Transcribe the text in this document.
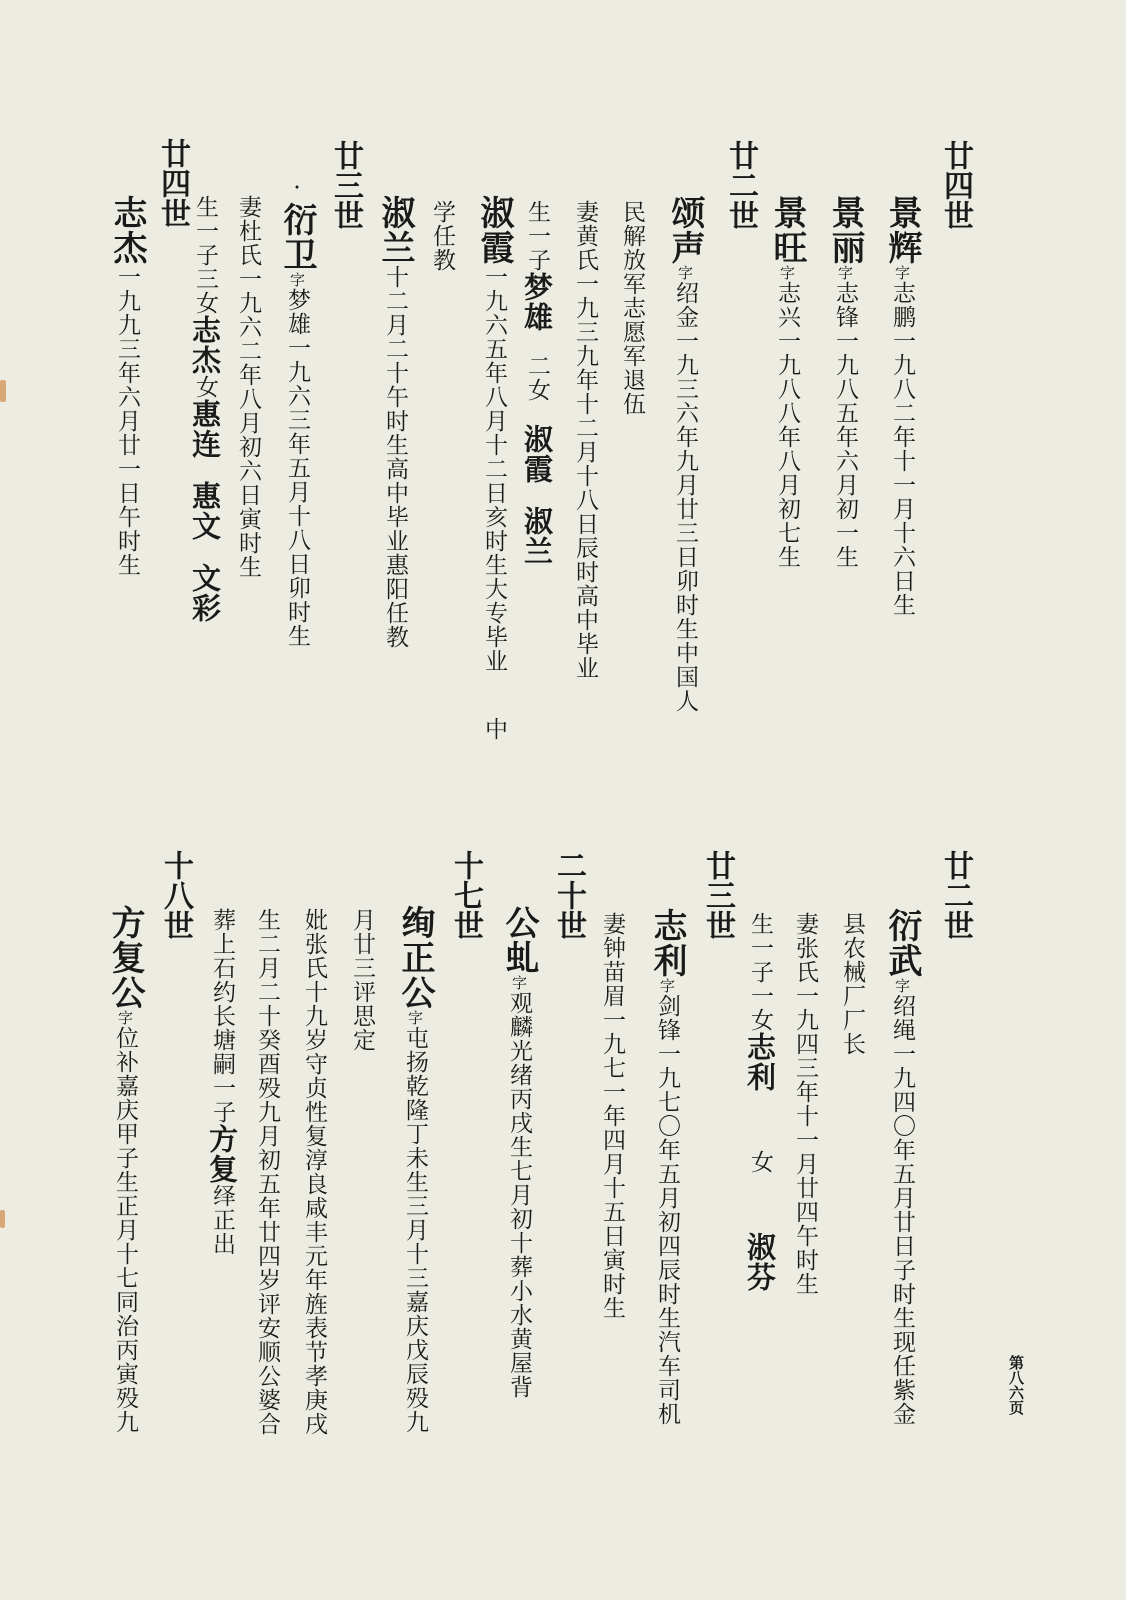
廿四世
景辉字志鹏一九八二年十一月十六日生
景丽字志锋一九八五年六月初一生
景旺字志兴一九八八年八月初七生
廿二世
颂声字绍金一九三六年九月廿三日卯时生中国人
民解放军志愿军退伍
妻黄氏一九三九年十二月十八日辰时高中毕业
生一子梦雄二女淑霞淑兰
淑霞一九六五年八月十二日亥时生大专毕业中
学任教
淑兰十二月二十午时生高中毕业惠阳任教
廿三世
·衍卫字梦雄一九六三年五月十八日卯时生
妻杜氏一九六二年八月初六日寅时生
生一子三女志杰女惠连惠文文彩
廿四世
志杰一九九三年六月廿一日午时生
廿二世
衍武字绍绳一九四〇年五月廿日子时生现任紫金
县农械厂厂长
妻张氏一九四三年十一月廿四午时生
生一子一女志利女淑芬
廿三世
志利字剑锋一九七〇年五月初四辰时生汽车司机
妻钟苗眉一九七一年四月十五日寅时生
二十世
公虬字观麟光绪丙戌生七月初十葬小水黄屋背
十七世
绚正公字屯扬乾隆丁未生三月十三嘉庆戊辰殁九
月廿三评思定
妣张氏十九岁守贞性复淳良咸丰元年旌表节孝庚戌
生二月二十癸酉殁九月初五年廿四岁评安顺公婆合
葬上石约长塘嗣一子方复绎正出
十八世
方复公字位补嘉庆甲子生正月十七同治丙寅殁九	第八六页
